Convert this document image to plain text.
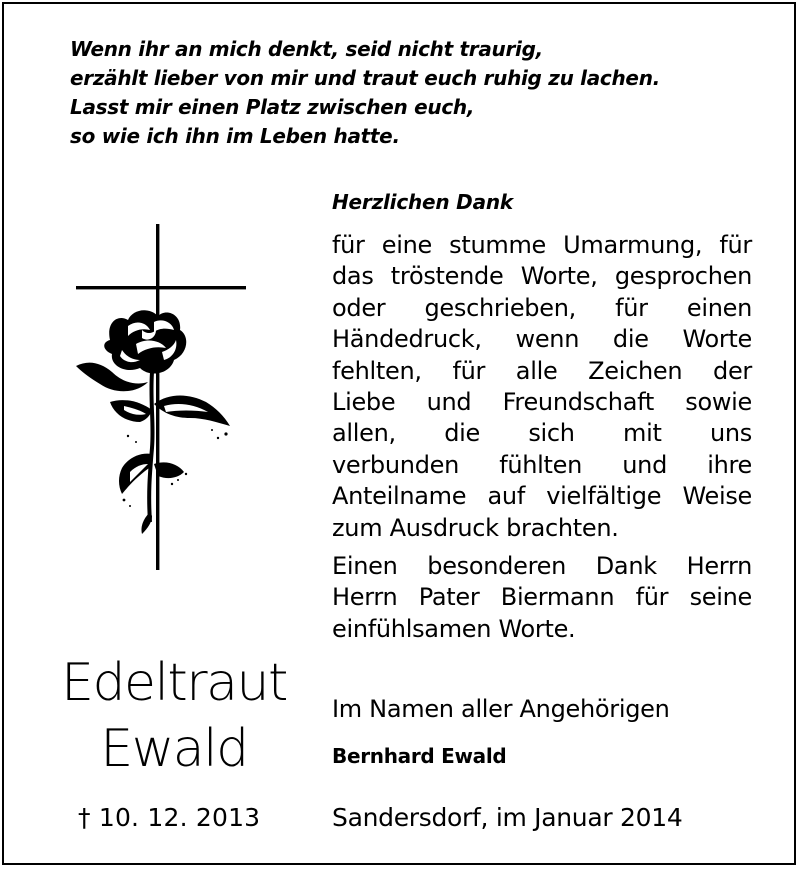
Wenn ihr an mich denkt, seid nicht traurig,
erzählt lieber von mir und traut euch ruhig zu lachen.
Lasst mir einen Platz zwischen euch,
so wie ich ihn im Leben hatte.
Herzlichen Dank
für eine stumme Umarmung, für
das tröstende Worte, gesprochen
oder geschrieben, für einen
Händedruck, wenn die Worte
fehlten, für alle Zeichen der
Liebe und Freundschaft sowie
allen, die sich mit uns
verbunden fühlten und ihre
Anteilname auf vielfältige Weise
zum Ausdruck brachten.
Einen besonderen Dank Herrn
Herrn Pater Biermann für seine
einfühlsamen Worte.
Edeltraut
Ewald
† 10. 12. 2013
Im Namen aller Angehörigen
Bernhard Ewald
Sandersdorf, im Januar 2014
